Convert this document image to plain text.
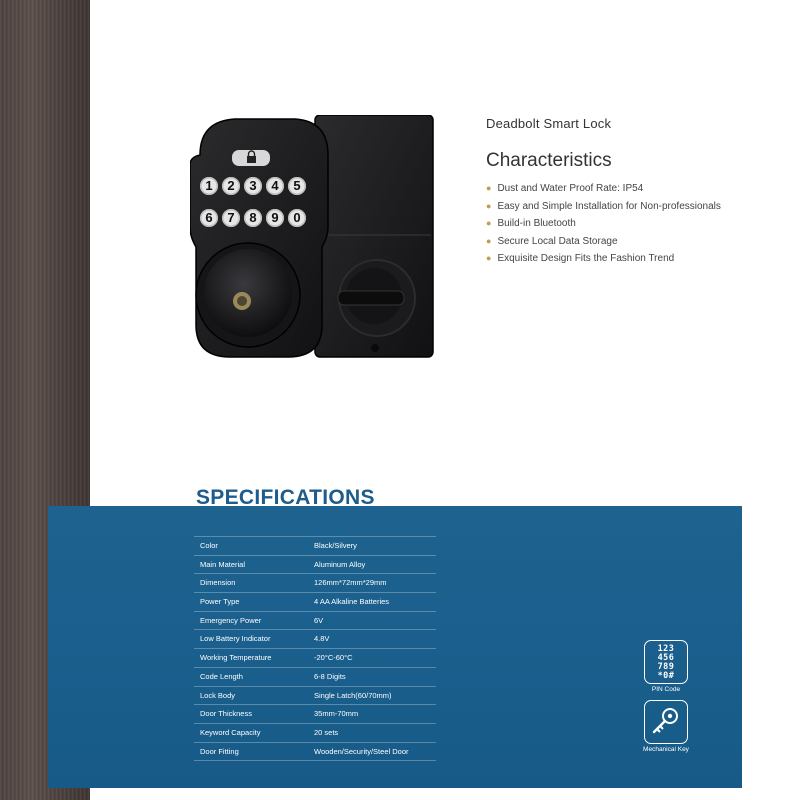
1	2	3	4	5
6	7	8	9	0
Deadbolt Smart Lock
Characteristics
● Dust and Water Proof Rate: IP54
● Easy and Simple Installation for Non-professionals
● Build-in Bluetooth
● Secure Local Data Storage
● Exquisite Design Fits the Fashion Trend
SPECIFICATIONS
Color	Black/Silvery
Main Material	Aluminum Alloy
Dimension	126mm*72mm*29mm
Power Type	4 AA Alkaline Batteries
Emergency Power	6V
Low Battery Indicator	4.8V
Working Temperature	-20°C-60°C
Code Length	6-8 Digits
Lock Body	Single Latch(60/70mm)
Door Thickness	35mm-70mm
Keyword Capacity	20 sets
Door Fitting	Wooden/Security/Steel Door
123
456
789
*0#
PIN Code
Mechanical Key
